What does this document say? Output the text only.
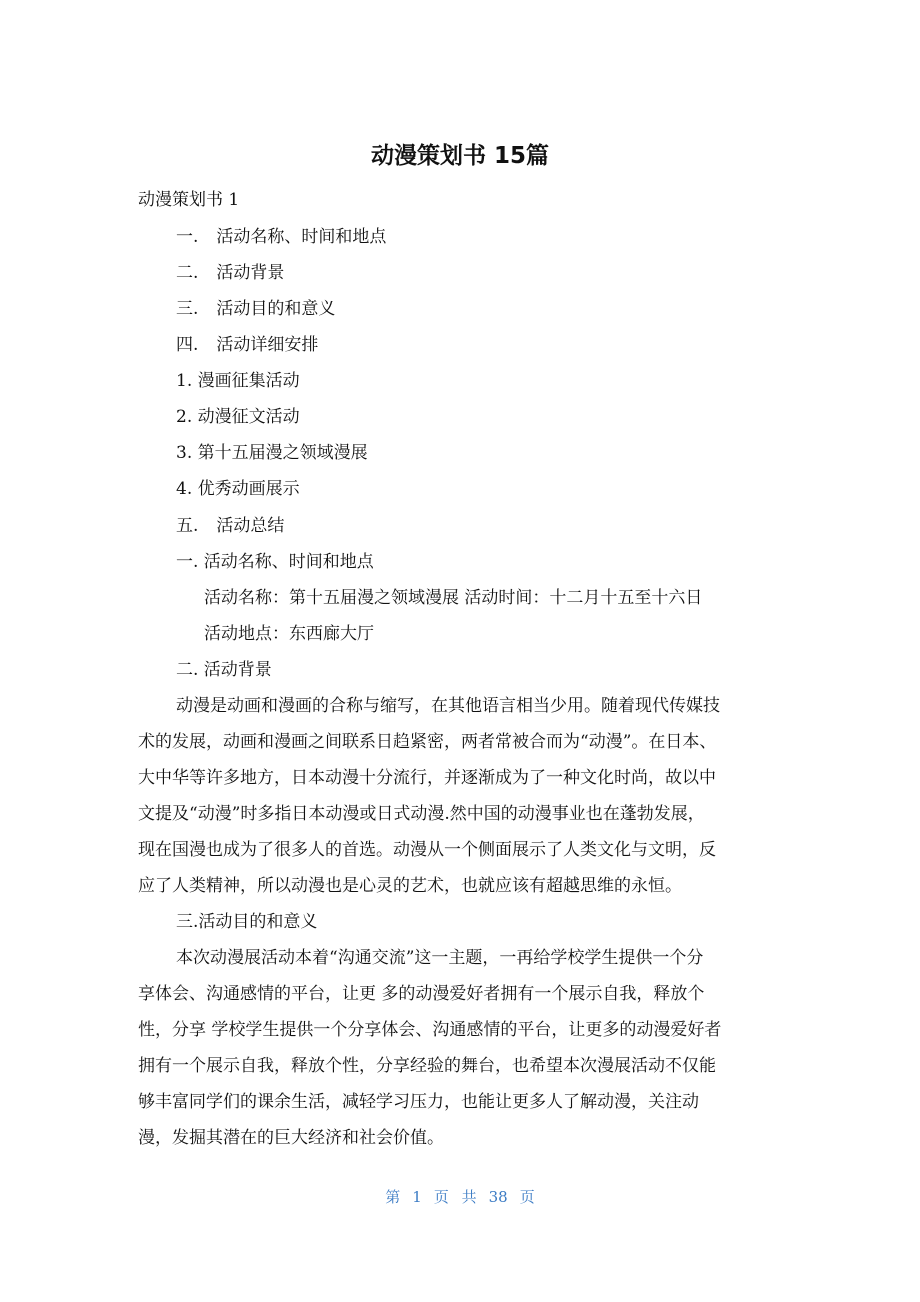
动漫策划书 15篇
动漫策划书 1
一. 活动名称、时间和地点
二. 活动背景
三. 活动目的和意义
四. 活动详细安排
1. 漫画征集活动
2. 动漫征文活动
3. 第十五届漫之领域漫展
4. 优秀动画展示
五. 活动总结
一. 活动名称、时间和地点
活动名称：第十五届漫之领域漫展 活动时间：十二月十五至十六日
活动地点：东西廊大厅
二. 活动背景
动漫是动画和漫画的合称与缩写，在其他语言相当少用。随着现代传媒技
术的发展，动画和漫画之间联系日趋紧密，两者常被合而为“动漫”。在日本、
大中华等许多地方，日本动漫十分流行，并逐渐成为了一种文化时尚，故以中
文提及“动漫”时多指日本动漫或日式动漫.然中国的动漫事业也在蓬勃发展，
现在国漫也成为了很多人的首选。动漫从一个侧面展示了人类文化与文明，反
应了人类精神，所以动漫也是心灵的艺术，也就应该有超越思维的永恒。
三.活动目的和意义
本次动漫展活动本着“沟通交流”这一主题，一再给学校学生提供一个分
享体会、沟通感情的平台，让更 多的动漫爱好者拥有一个展示自我，释放个
性，分享 学校学生提供一个分享体会、沟通感情的平台，让更多的动漫爱好者
拥有一个展示自我，释放个性，分享经验的舞台，也希望本次漫展活动不仅能
够丰富同学们的课余生活，减轻学习压力，也能让更多人了解动漫，关注动
漫，发掘其潜在的巨大经济和社会价值。
第 1 页 共 38 页
